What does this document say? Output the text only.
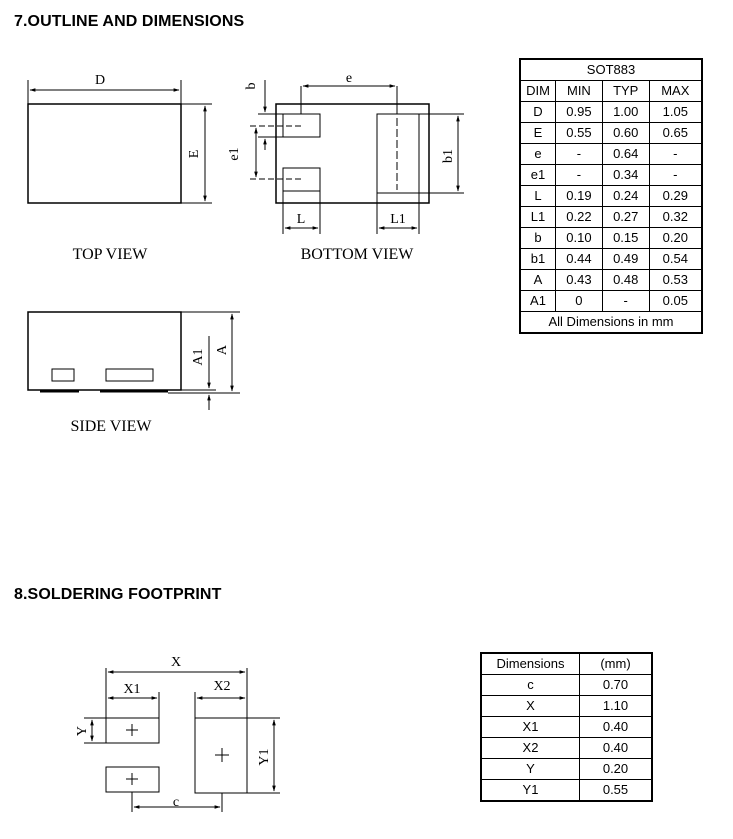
7.OUTLINE AND DIMENSIONS
8.SOLDERING FOOTPRINT
D
E
TOP VIEW
e
b
e1	b1
L	L1
BOTTOM VIEW
A1 A
SIDE VIEW
X
X1	X2
Y
Y1
c
SOT883			
DIM	MIN	TYP	MAX
D	0.95	1.00	1.05
E	0.55	0.60	0.65
e	-	0.64	-
e1	-	0.34	-
L	0.19	0.24	0.29
L1	0.22	0.27	0.32
b	0.10	0.15	0.20
b1	0.44	0.49	0.54
A	0.43	0.48	0.53
A1	0	-	0.05
All Dimensions in mm			
Dimensions	(mm)
c	0.70
X	1.10
X1	0.40
X2	0.40
Y	0.20
Y1	0.55
